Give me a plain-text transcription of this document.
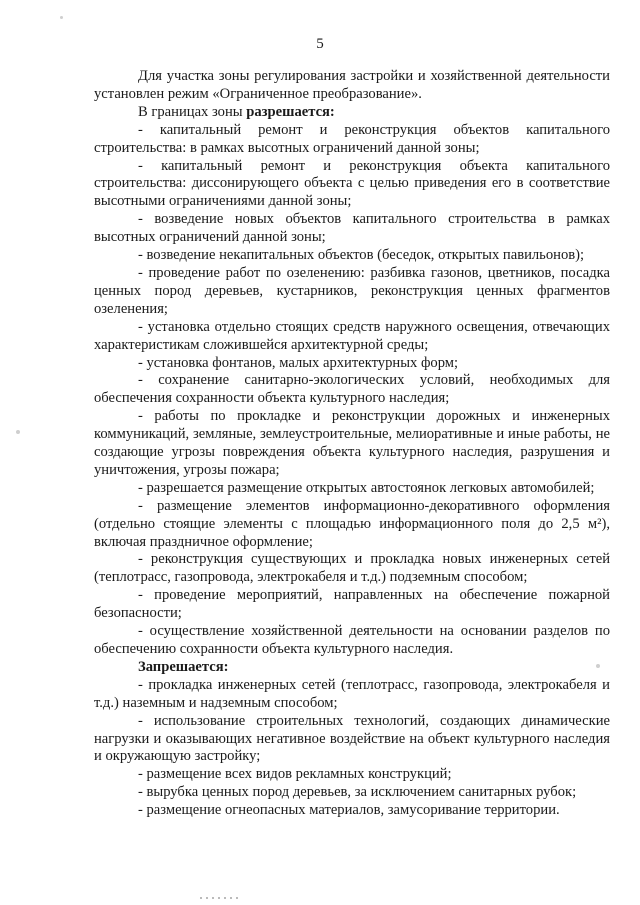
5

Для участка зоны регулирования застройки и хозяйственной деятельности установлен режим «Ограниченное преобразование».

В границах зоны разрешается:

- капитальный ремонт и реконструкция объектов капитального строительства: в рамках высотных ограничений данной зоны;

- капитальный ремонт и реконструкция объекта капитального строительства: диссонирующего объекта с целью приведения его в соответствие высотными ограничениями данной зоны;

- возведение новых объектов капитального строительства в рамках высотных ограничений данной зоны;

- возведение некапитальных объектов (беседок, открытых павильонов);

- проведение работ по озеленению: разбивка газонов, цветников, посадка ценных пород деревьев, кустарников, реконструкция ценных фрагментов озеленения;

- установка отдельно стоящих средств наружного освещения, отвечающих характеристикам сложившейся архитектурной среды;

- установка фонтанов, малых архитектурных форм;

- сохранение санитарно-экологических условий, необходимых для обеспечения сохранности объекта культурного наследия;

- работы по прокладке и реконструкции дорожных и инженерных коммуникаций, земляные, землеустроительные, мелиоративные и иные работы, не создающие угрозы повреждения объекта культурного наследия, разрушения и уничтожения, угрозы пожара;

- разрешается размещение открытых автостоянок легковых автомобилей;

- размещение элементов информационно-декоративного оформления (отдельно стоящие элементы с площадью информационного поля до 2,5 м²), включая праздничное оформление;

- реконструкция существующих и прокладка новых инженерных сетей (теплотрасс, газопровода, электрокабеля и т.д.) подземным способом;

- проведение мероприятий, направленных на обеспечение пожарной безопасности;

- осуществление хозяйственной деятельности на основании разделов по обеспечению сохранности объекта культурного наследия.

Запрешается:

- прокладка инженерных сетей (теплотрасс, газопровода, электрокабеля и т.д.) наземным и надземным способом;

- использование строительных технологий, создающих динамические нагрузки и оказывающих негативное воздействие на объект культурного наследия и окружающую застройку;

- размещение всех видов рекламных конструкций;

- вырубка ценных пород деревьев, за исключением санитарных рубок;

- размещение огнеопасных материалов, замусоривание территории.
